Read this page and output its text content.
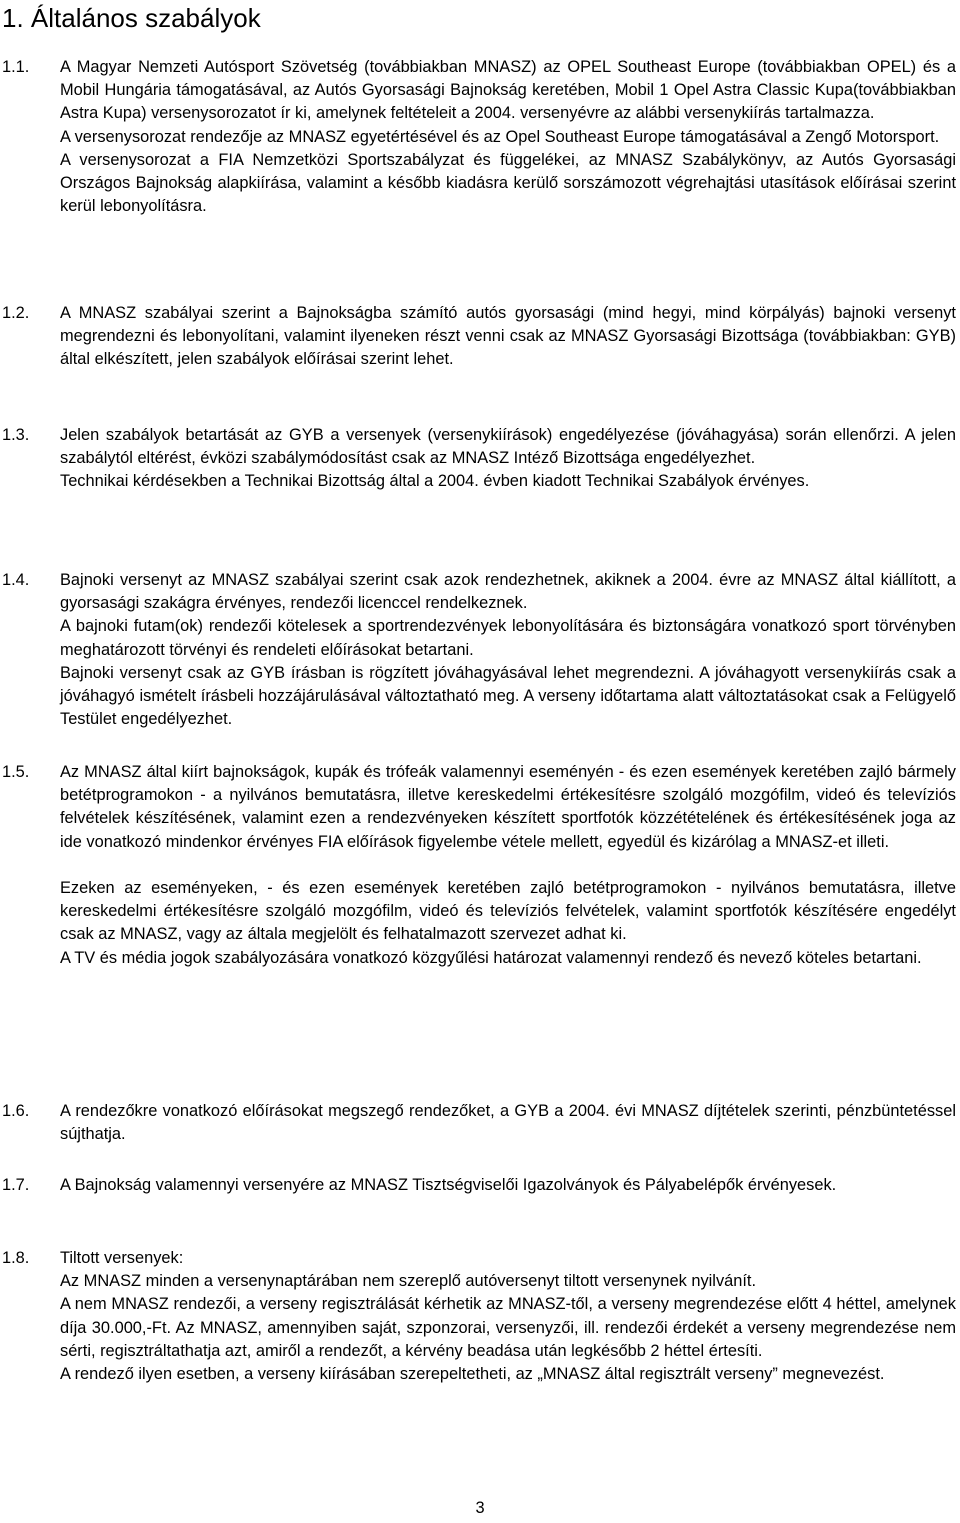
1. Általános szabályok
1.1. A Magyar Nemzeti Autósport Szövetség (továbbiakban MNASZ) az OPEL Southeast Europe (továbbiakban OPEL) és a Mobil Hungária támogatásával, az Autós Gyorsasági Bajnokság keretében, Mobil 1 Opel Astra Classic Kupa(továbbiakban Astra Kupa) versenysorozatot ír ki, amelynek feltételeit a 2004. versenyévre az alábbi versenykiírás tartalmazza.

A versenysorozat rendezője az MNASZ egyetértésével és az Opel Southeast Europe támogatásával a Zengő Motorsport.

A versenysorozat a FIA Nemzetközi Sportszabályzat és függelékei, az MNASZ Szabálykönyv, az Autós Gyorsasági Országos Bajnokság alapkiírása, valamint a később kiadásra kerülő sorszámozott végrehajtási utasítások előírásai szerint kerül lebonyolításra.

1.2. A MNASZ szabályai szerint a Bajnokságba számító autós gyorsasági (mind hegyi, mind körpályás) bajnoki versenyt megrendezni és lebonyolítani, valamint ilyeneken részt venni csak az MNASZ Gyorsasági Bizottsága (továbbiakban: GYB) által elkészített, jelen szabályok előírásai szerint lehet.

1.3. Jelen szabályok betartását az GYB a versenyek (versenykiírások) engedélyezése (jóváhagyása) során ellenőrzi. A jelen szabálytól eltérést, évközi szabálymódosítást csak az MNASZ Intéző Bizottsága engedélyezhet.

Technikai kérdésekben a Technikai Bizottság által a 2004. évben kiadott Technikai Szabályok érvényes.

1.4. Bajnoki versenyt az MNASZ szabályai szerint csak azok rendezhetnek, akiknek a 2004. évre az MNASZ által kiállított, a gyorsasági szakágra érvényes, rendezői licenccel rendelkeznek.

A bajnoki futam(ok) rendezői kötelesek a sportrendezvények lebonyolítására és biztonságára vonatkozó sport törvényben meghatározott törvényi és rendeleti előírásokat betartani.

Bajnoki versenyt csak az GYB írásban is rögzített jóváhagyásával lehet megrendezni. A jóváhagyott versenykiírás csak a jóváhagyó ismételt írásbeli hozzájárulásával változtatható meg. A verseny időtartama alatt változtatásokat csak a Felügyelő Testület engedélyezhet.

1.5. Az MNASZ által kiírt bajnokságok, kupák és trófeák valamennyi eseményén - és ezen események keretében zajló bármely betétprogramokon - a nyilvános bemutatásra, illetve kereskedelmi értékesítésre szolgáló mozgófilm, videó és televíziós felvételek készítésének, valamint ezen a rendezvényeken készített sportfotók közzétételének és értékesítésének joga az ide vonatkozó mindenkor érvényes FIA előírások figyelembe vétele mellett, egyedül és kizárólag a MNASZ-et illeti.

Ezeken az eseményeken, - és ezen események keretében zajló betétprogramokon - nyilvános bemutatásra, illetve kereskedelmi értékesítésre szolgáló mozgófilm, videó és televíziós felvételek, valamint sportfotók készítésére engedélyt csak az MNASZ, vagy az általa megjelölt és felhatalmazott szervezet adhat ki.

A TV és média jogok szabályozására vonatkozó közgyűlési határozat valamennyi rendező és nevező köteles betartani.

1.6. A rendezőkre vonatkozó előírásokat megszegő rendezőket, a GYB a 2004. évi MNASZ díjtételek szerinti, pénzbüntetéssel sújthatja.

1.7. A Bajnokság valamennyi versenyére az MNASZ Tisztségviselői Igazolványok és Pályabelépők érvényesek.

1.8. Tiltott versenyek:

Az MNASZ minden a versenynaptárában nem szereplő autóversenyt tiltott versenynek nyilvánít.

A nem MNASZ rendezői, a verseny regisztrálását kérhetik az MNASZ-től, a verseny megrendezése előtt 4 héttel, amelynek díja 30.000,-Ft. Az MNASZ, amennyiben saját, szponzorai, versenyzői, ill. rendezői érdekét a verseny megrendezése nem sérti, regisztráltathatja azt, amiről a rendezőt, a kérvény beadása után legkésőbb 2 héttel értesíti.

A rendező ilyen esetben, a verseny kiírásában szerepeltetheti, az „MNASZ által regisztrált verseny” megnevezést.

3
